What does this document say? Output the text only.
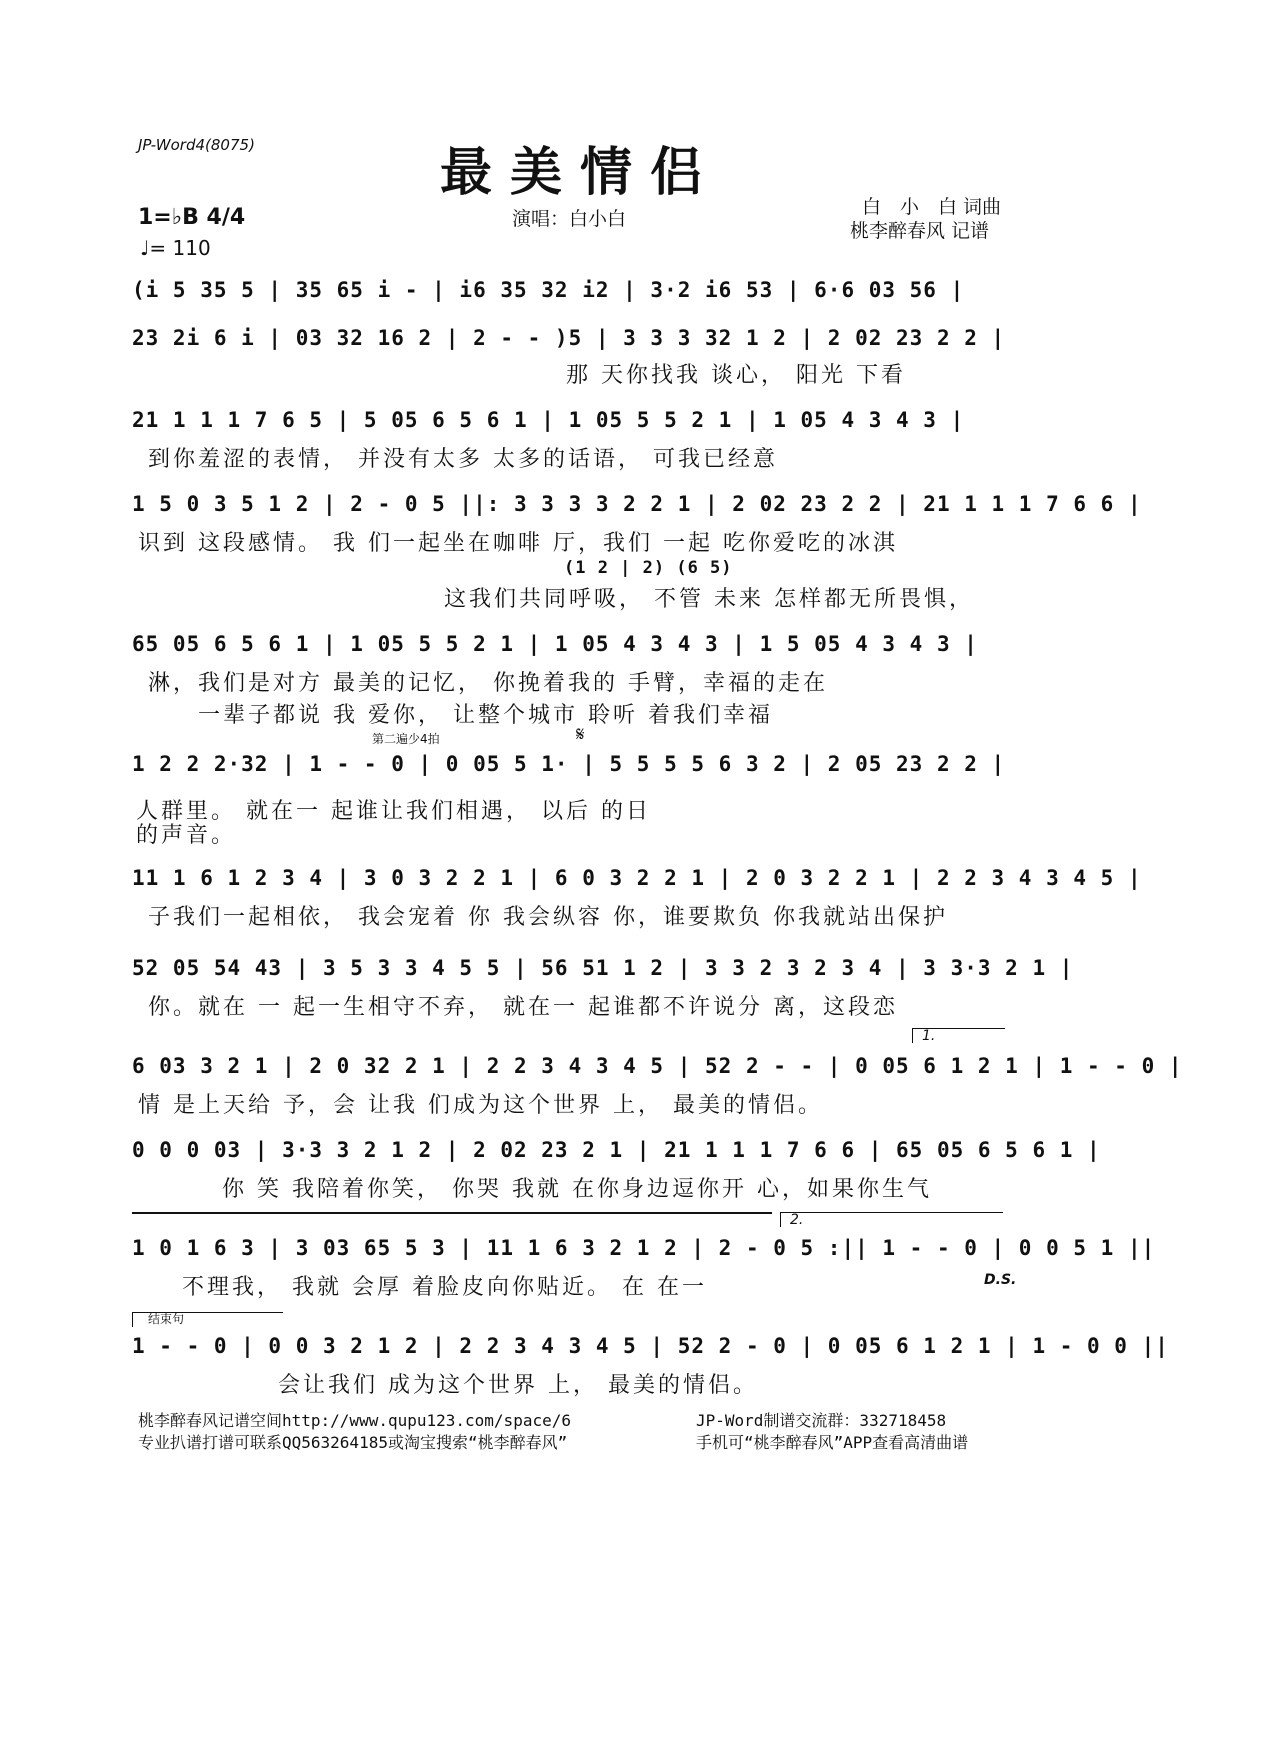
JP-Word4(8075)	最美情侣
1=♭B 4/4
♩= 110
演唱：白小白
白　小　白 词曲
桃李醉春风 记谱
(i 5 35 5 | 35 65 i - | i6 35 32 i2 | 3·2 i6 53 | 6·6 03 56 |
23 2i 6 i | 03 32 16 2 | 2 - - )5 | 3 3 3 32 1 2 | 2 02 23 2 2 |
那 天你找我 谈心， 阳光 下看
21 1 1 1 7 6 5 | 5 05 6 5 6 1 | 1 05 5 5 2 1 | 1 05 4 3 4 3 |
到你羞涩的表情， 并没有太多 太多的话语， 可我已经意
1 5 0 3 5 1 2 | 2 - 0 5 ||: 3 3 3 3 2 2 1 | 2 02 23 2 2 | 21 1 1 1 7 6 6 |
识到 这段感情。 我 们一起坐在咖啡 厅，我们 一起 吃你爱吃的冰淇
(1 2 | 2) (6 5)
这我们共同呼吸， 不管 未来 怎样都无所畏惧，
65 05 6 5 6 1 | 1 05 5 5 2 1 | 1 05 4 3 4 3 | 1 5 05 4 3 4 3 |
淋，我们是对方 最美的记忆， 你挽着我的 手臂，幸福的走在
一辈子都说 我 爱你， 让整个城市 聆听 着我们幸福
第二遍少4拍	𝄋
1 2 2 2·32 | 1 - - 0 | 0 05 5 1· | 5 5 5 5 6 3 2 | 2 05 23 2 2 |
人群里。 就在一 起谁让我们相遇， 以后 的日
的声音。
11 1 6 1 2 3 4 | 3 0 3 2 2 1 | 6 0 3 2 2 1 | 2 0 3 2 2 1 | 2 2 3 4 3 4 5 |
子我们一起相依， 我会宠着 你 我会纵容 你，谁要欺负 你我就站出保护
52 05 54 43 | 3 5 3 3 4 5 5 | 56 51 1 2 | 3 3 2 3 2 3 4 | 3 3·3 2 1 |
你。就在 一 起一生相守不弃， 就在一 起谁都不许说分 离，这段恋
1.
6 03 3 2 1 | 2 0 32 2 1 | 2 2 3 4 3 4 5 | 52 2 - - | 0 05 6 1 2 1 | 1 - - 0 |
情 是上天给 予，会 让我 们成为这个世界 上， 最美的情侣。
0 0 0 03 | 3·3 3 2 1 2 | 2 02 23 2 1 | 21 1 1 1 7 6 6 | 65 05 6 5 6 1 |
你 笑 我陪着你笑， 你哭 我就 在你身边逗你开 心，如果你生气
2.
1 0 1 6 3 | 3 03 65 5 3 | 11 1 6 3 2 1 2 | 2 - 0 5 :|| 1 - - 0 | 0 0 5 1 ||
不理我， 我就 会厚 着脸皮向你贴近。 在 在一	D.S.
结束句
1 - - 0 | 0 0 3 2 1 2 | 2 2 3 4 3 4 5 | 52 2 - 0 | 0 05 6 1 2 1 | 1 - 0 0 ||
会让我们 成为这个世界 上， 最美的情侣。
桃李醉春风记谱空间http://www.qupu123.com/space/6
专业扒谱打谱可联系QQ563264185或淘宝搜索“桃李醉春风”
JP-Word制谱交流群：332718458
手机可“桃李醉春风”APP查看高清曲谱
